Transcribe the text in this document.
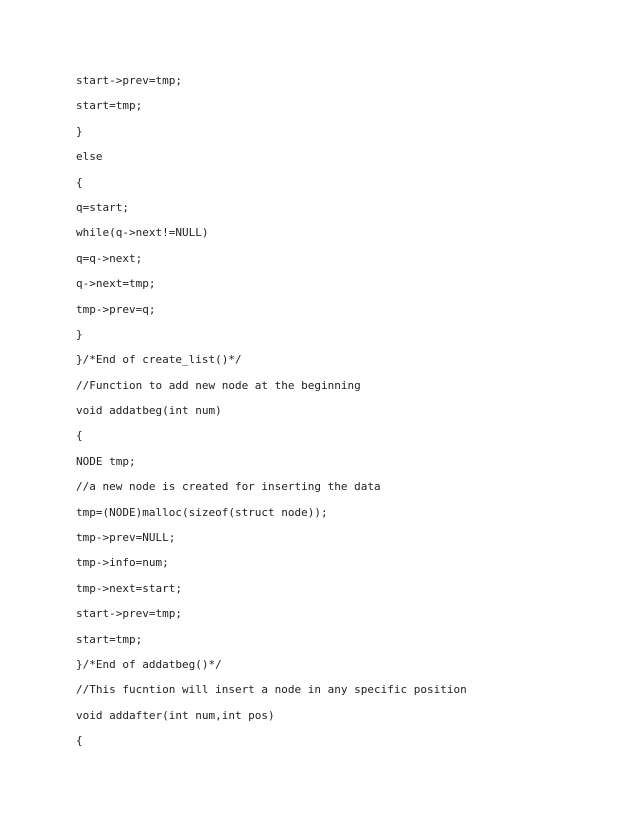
start->prev=tmp;
start=tmp;
}
else
{
q=start;
while(q->next!=NULL)
q=q->next;
q->next=tmp;
tmp->prev=q;
}
}/*End of create_list()*/
//Function to add new node at the beginning
void addatbeg(int num)
{
NODE tmp;
//a new node is created for inserting the data
tmp=(NODE)malloc(sizeof(struct node));
tmp->prev=NULL;
tmp->info=num;
tmp->next=start;
start->prev=tmp;
start=tmp;
}/*End of addatbeg()*/
//This fucntion will insert a node in any specific position
void addafter(int num,int pos)
{
